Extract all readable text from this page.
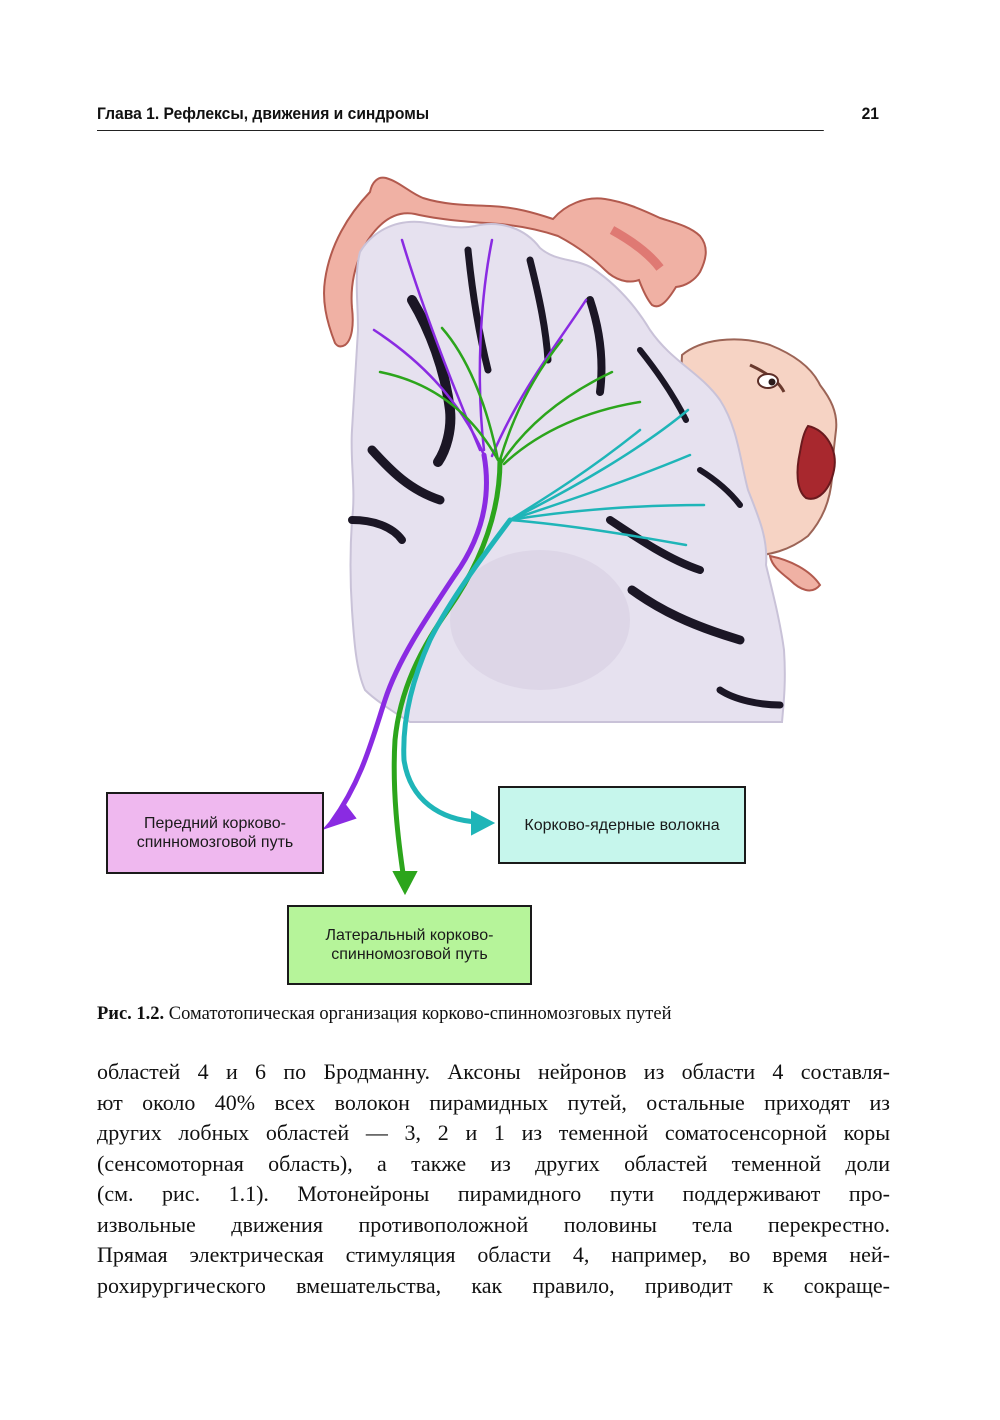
Глава 1. Рефлексы, движения и синдромы	21
Передний корково-спинномозговой путь
Корково-ядерные волокна
Латеральный корково-спинномозговой путь
Рис. 1.2. Соматотопическая организация корково-спинномозговых путей
областей 4 и 6 по Бродманну. Аксоны нейронов из области 4 составля-
ют около 40% всех волокон пирамидных путей, остальные приходят из
других лобных областей — 3, 2 и 1 из теменной соматосенсорной коры
(сенсомоторная область), а также из других областей теменной доли
(см. рис. 1.1). Мотонейроны пирамидного пути поддерживают про-
извольные движения противоположной половины тела перекрестно.
Прямая электрическая стимуляция области 4, например, во время ней-
рохирургического вмешательства, как правило, приводит к сокраще-
